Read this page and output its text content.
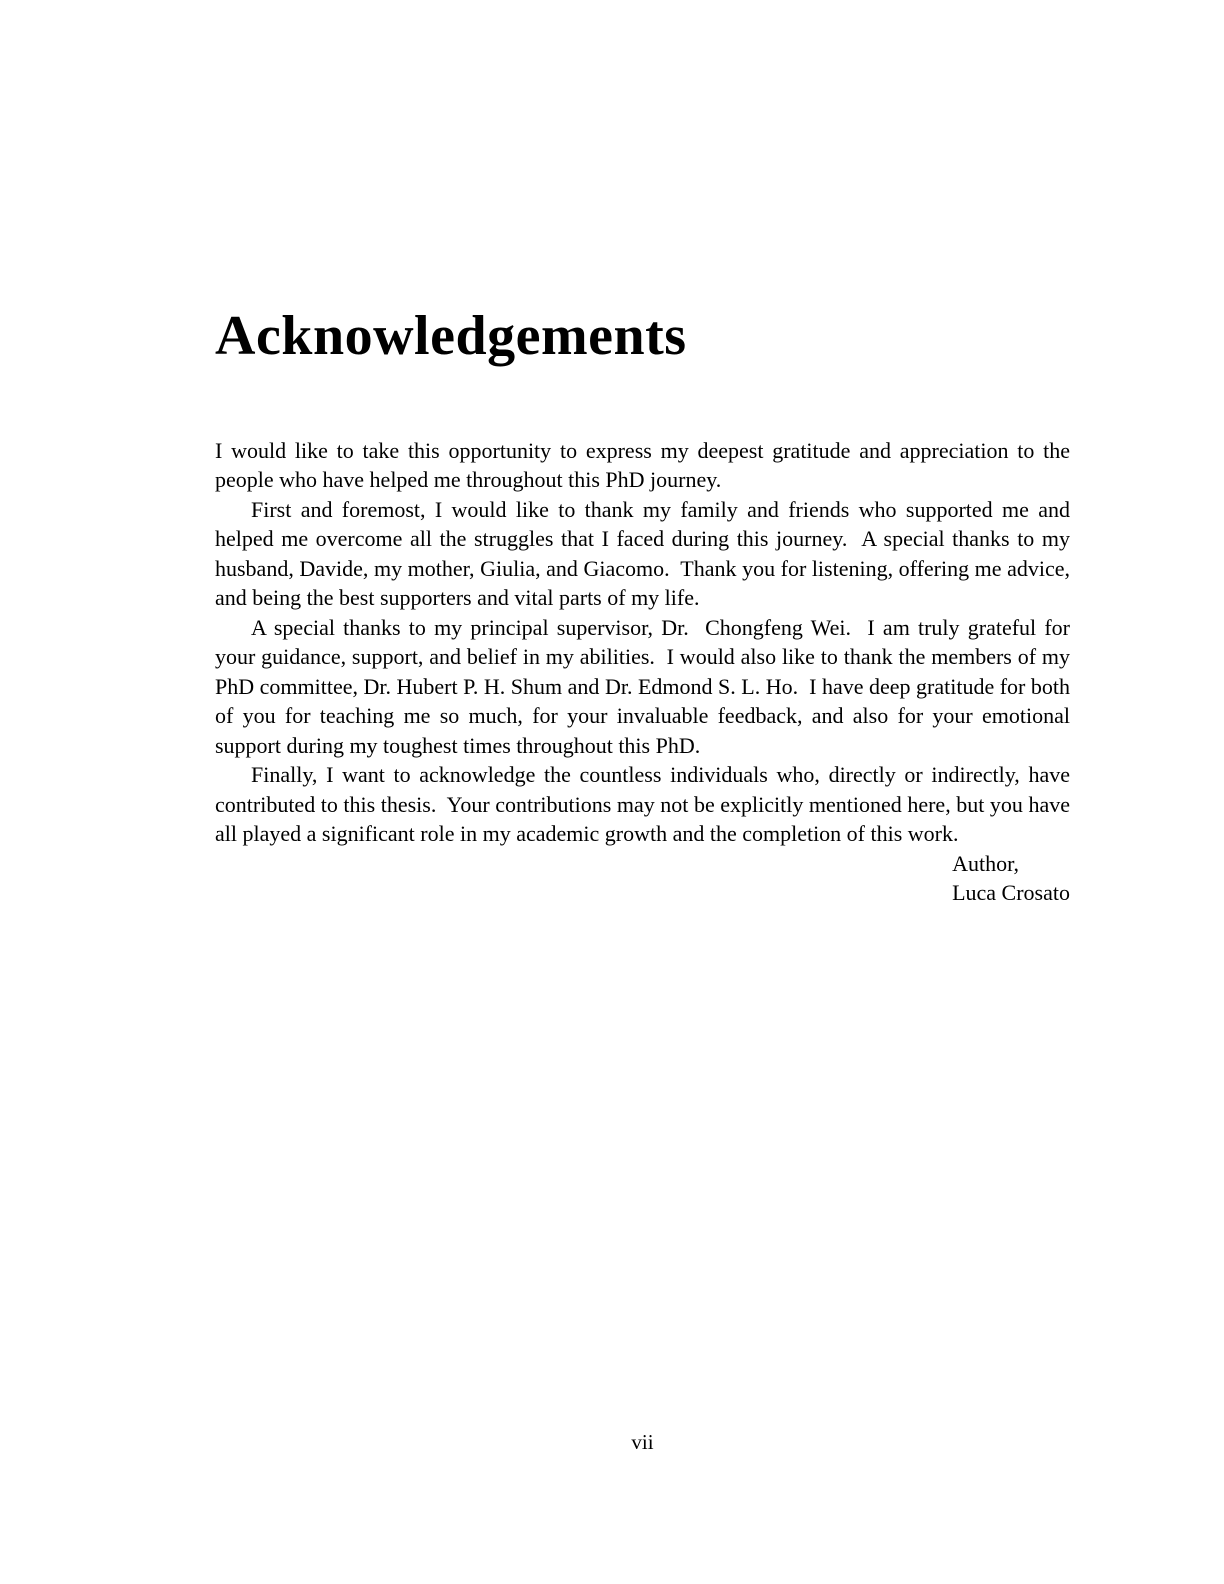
Acknowledgements

I would like to take this opportunity to express my deepest gratitude and appreciation to the people who have helped me throughout this PhD journey.

First and foremost, I would like to thank my family and friends who supported me and helped me overcome all the struggles that I faced during this journey.  A special thanks to my husband, Davide, my mother, Giulia, and Giacomo.  Thank you for listening, offering me advice, and being the best supporters and vital parts of my life.

A special thanks to my principal supervisor, Dr.  Chongfeng Wei.  I am truly grateful for your guidance, support, and belief in my abilities.  I would also like to thank the members of my PhD committee, Dr. Hubert P. H. Shum and Dr. Edmond S. L. Ho.  I have deep gratitude for both of you for teaching me so much, for your invaluable feedback, and also for your emotional support during my toughest times throughout this PhD.

Finally, I want to acknowledge the countless individuals who, directly or indirectly, have contributed to this thesis.  Your contributions may not be explicitly mentioned here, but you have all played a significant role in my academic growth and the completion of this work.

Author,
Luca Crosato
vii
